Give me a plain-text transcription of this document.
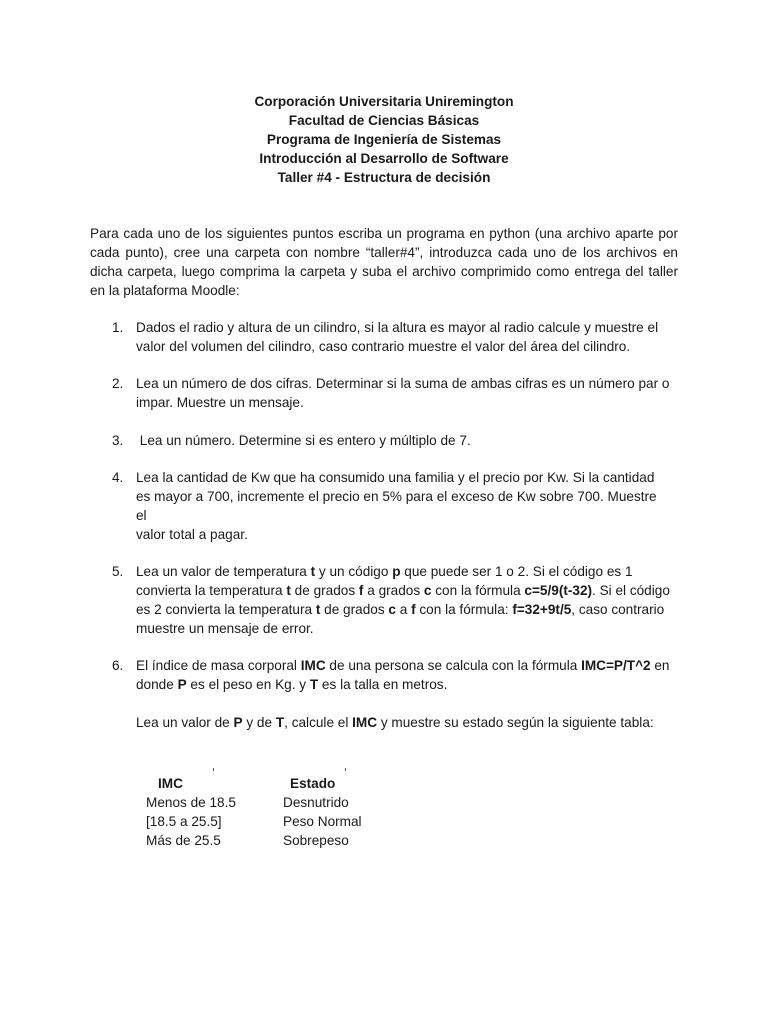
Corporación Universitaria Uniremington
Facultad de Ciencias Básicas
Programa de Ingeniería de Sistemas
Introducción al Desarrollo de Software
Taller #4 - Estructura de decisión
Para cada uno de los siguientes puntos escriba un programa en python (una archivo aparte por
cada punto), cree una carpeta con nombre “taller#4”, introduzca cada uno de los archivos en
dicha carpeta, luego comprima la carpeta y suba el archivo comprimido como entrega del taller
en la plataforma Moodle:
1. Dados el radio y altura de un cilindro, si la altura es mayor al radio calcule y muestre el
valor del volumen del cilindro, caso contrario muestre el valor del área del cilindro.
2. Lea un número de dos cifras. Determinar si la suma de ambas cifras es un número par o
impar. Muestre un mensaje.
3. Lea un número. Determine si es entero y múltiplo de 7.
4. Lea la cantidad de Kw que ha consumido una familia y el precio por Kw. Si la cantidad
es mayor a 700, incremente el precio en 5% para el exceso de Kw sobre 700. Muestre
el
valor total a pagar.
5. Lea un valor de temperatura t y un código p que puede ser 1 o 2. Si el código es 1
convierta la temperatura t de grados f a grados c con la fórmula c=5/9(t-32). Si el código
es 2 convierta la temperatura t de grados c a f con la fórmula: f=32+9t/5, caso contrario
muestre un mensaje de error.
6. El índice de masa corporal IMC de una persona se calcula con la fórmula IMC=P/T^2 en
donde P es el peso en Kg. y T es la talla en metros.
Lea un valor de P y de T, calcule el IMC y muestre su estado según la siguiente tabla:
IMC	Estado
Menos de 18.5	Desnutrido
[18.5 a 25.5]	Peso Normal
Más de 25.5	Sobrepeso
